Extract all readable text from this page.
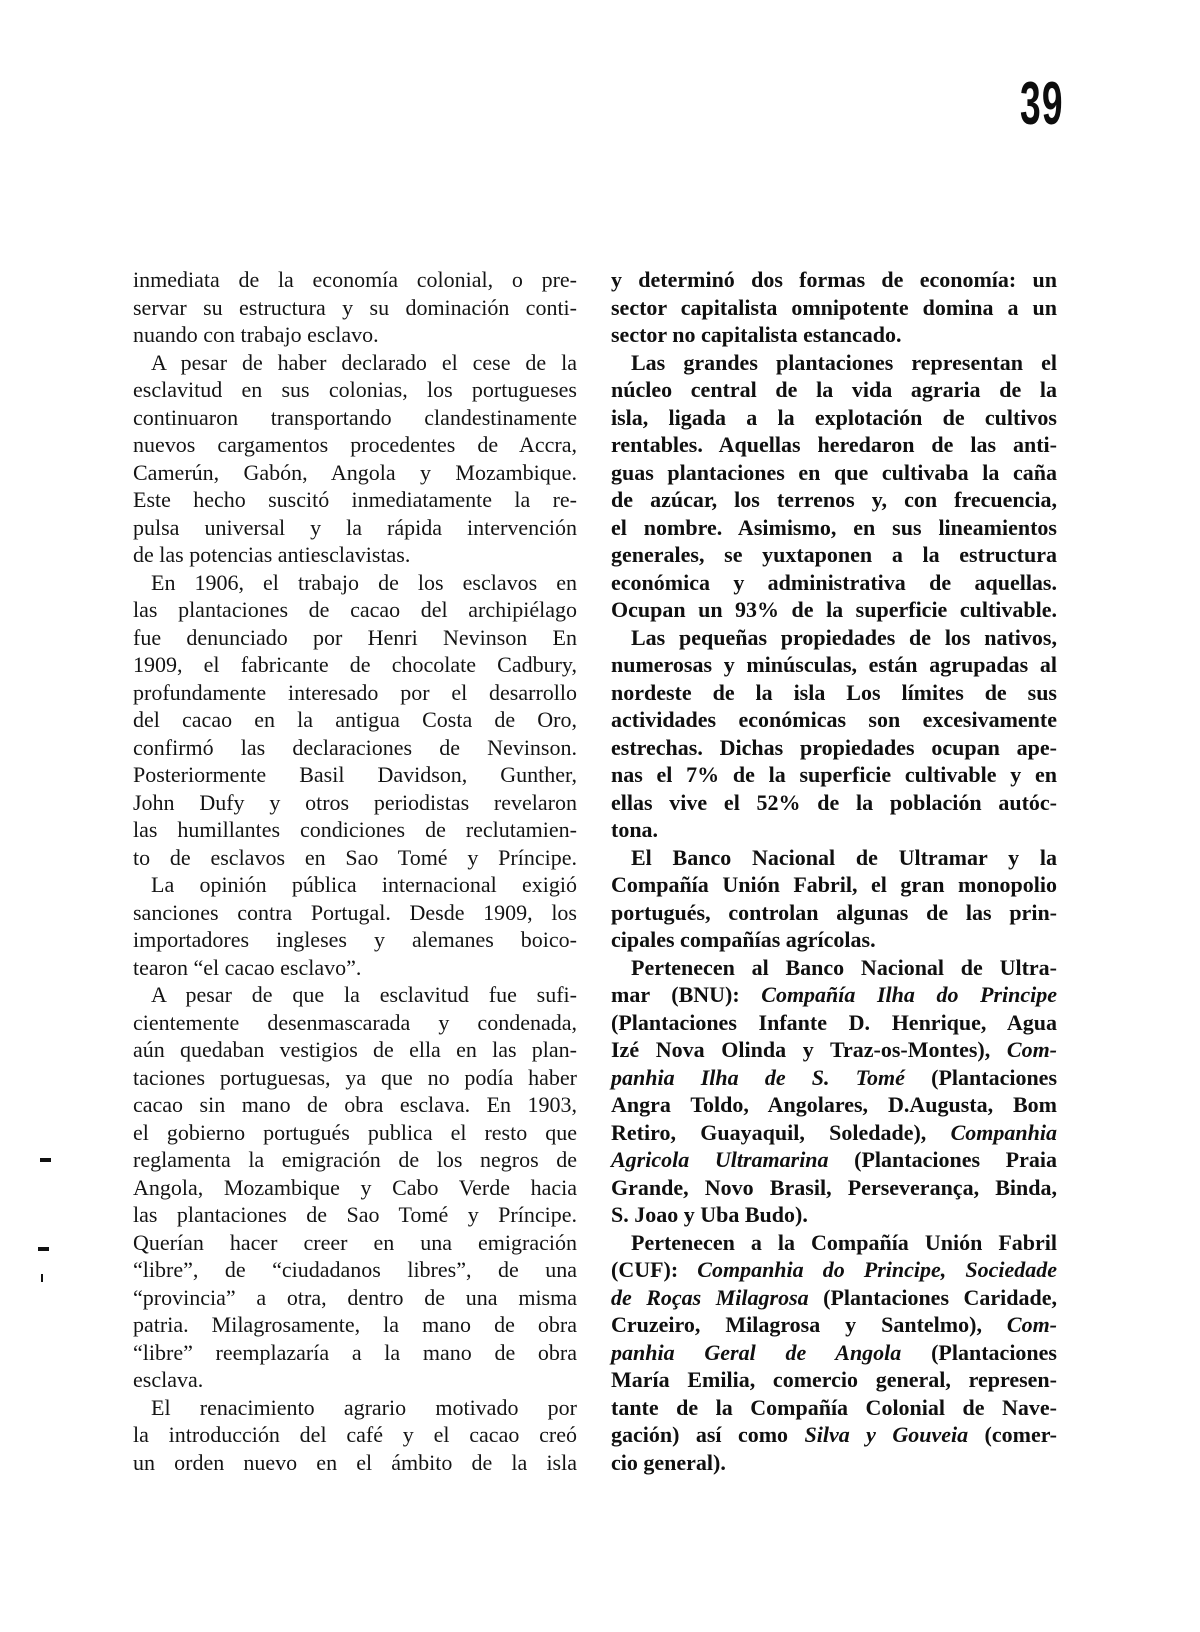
39
inmediata de la economía colonial, o pre-
servar su estructura y su dominación conti-
nuando con trabajo esclavo.
A pesar de haber declarado el cese de la
esclavitud en sus colonias, los portugueses
continuaron transportando clandestinamente
nuevos cargamentos procedentes de Accra,
Camerún, Gabón, Angola y Mozambique.
Este hecho suscitó inmediatamente la re-
pulsa universal y la rápida intervención
de las potencias antiesclavistas.
En 1906, el trabajo de los esclavos en
las plantaciones de cacao del archipiélago
fue denunciado por Henri Nevinson En
1909, el fabricante de chocolate Cadbury,
profundamente interesado por el desarrollo
del cacao en la antigua Costa de Oro,
confirmó las declaraciones de Nevinson.
Posteriormente Basil Davidson, Gunther,
John Dufy y otros periodistas revelaron
las humillantes condiciones de reclutamien-
to de esclavos en Sao Tomé y Príncipe.
La opinión pública internacional exigió
sanciones contra Portugal. Desde 1909, los
importadores ingleses y alemanes boico-
tearon “el cacao esclavo”.
A pesar de que la esclavitud fue sufi-
cientemente desenmascarada y condenada,
aún quedaban vestigios de ella en las plan-
taciones portuguesas, ya que no podía haber
cacao sin mano de obra esclava. En 1903,
el gobierno portugués publica el resto que
reglamenta la emigración de los negros de
Angola, Mozambique y Cabo Verde hacia
las plantaciones de Sao Tomé y Príncipe.
Querían hacer creer en una emigración
“libre”, de “ciudadanos libres”, de una
“provincia” a otra, dentro de una misma
patria. Milagrosamente, la mano de obra
“libre” reemplazaría a la mano de obra
esclava.
El renacimiento agrario motivado por
la introducción del café y el cacao creó
un orden nuevo en el ámbito de la isla
y determinó dos formas de economía: un
sector capitalista omnipotente domina a un
sector no capitalista estancado.
Las grandes plantaciones representan el
núcleo central de la vida agraria de la
isla, ligada a la explotación de cultivos
rentables. Aquellas heredaron de las anti-
guas plantaciones en que cultivaba la caña
de azúcar, los terrenos y, con frecuencia,
el nombre. Asimismo, en sus lineamientos
generales, se yuxtaponen a la estructura
económica y administrativa de aquellas.
Ocupan un 93% de la superficie cultivable.
Las pequeñas propiedades de los nativos,
numerosas y minúsculas, están agrupadas al
nordeste de la isla Los límites de sus
actividades económicas son excesivamente
estrechas. Dichas propiedades ocupan ape-
nas el 7% de la superficie cultivable y en
ellas vive el 52% de la población autóc-
tona.
El Banco Nacional de Ultramar y la
Compañía Unión Fabril, el gran monopolio
portugués, controlan algunas de las prin-
cipales compañías agrícolas.
Pertenecen al Banco Nacional de Ultra-
mar (BNU): Compañía Ilha do Principe
(Plantaciones Infante D. Henrique, Agua
Izé Nova Olinda y Traz-os-Montes), Com-
panhia Ilha de S. Tomé (Plantaciones
Angra Toldo, Angolares, D.Augusta, Bom
Retiro, Guayaquil, Soledade), Companhia
Agricola Ultramarina (Plantaciones Praia
Grande, Novo Brasil, Perseverança, Binda,
S. Joao y Uba Budo).
Pertenecen a la Compañía Unión Fabril
(CUF): Companhia do Principe, Sociedade
de Roças Milagrosa (Plantaciones Caridade,
Cruzeiro, Milagrosa y Santelmo), Com-
panhia Geral de Angola (Plantaciones
María Emilia, comercio general, represen-
tante de la Compañía Colonial de Nave-
gación) así como Silva y Gouveia (comer-
cio general).
